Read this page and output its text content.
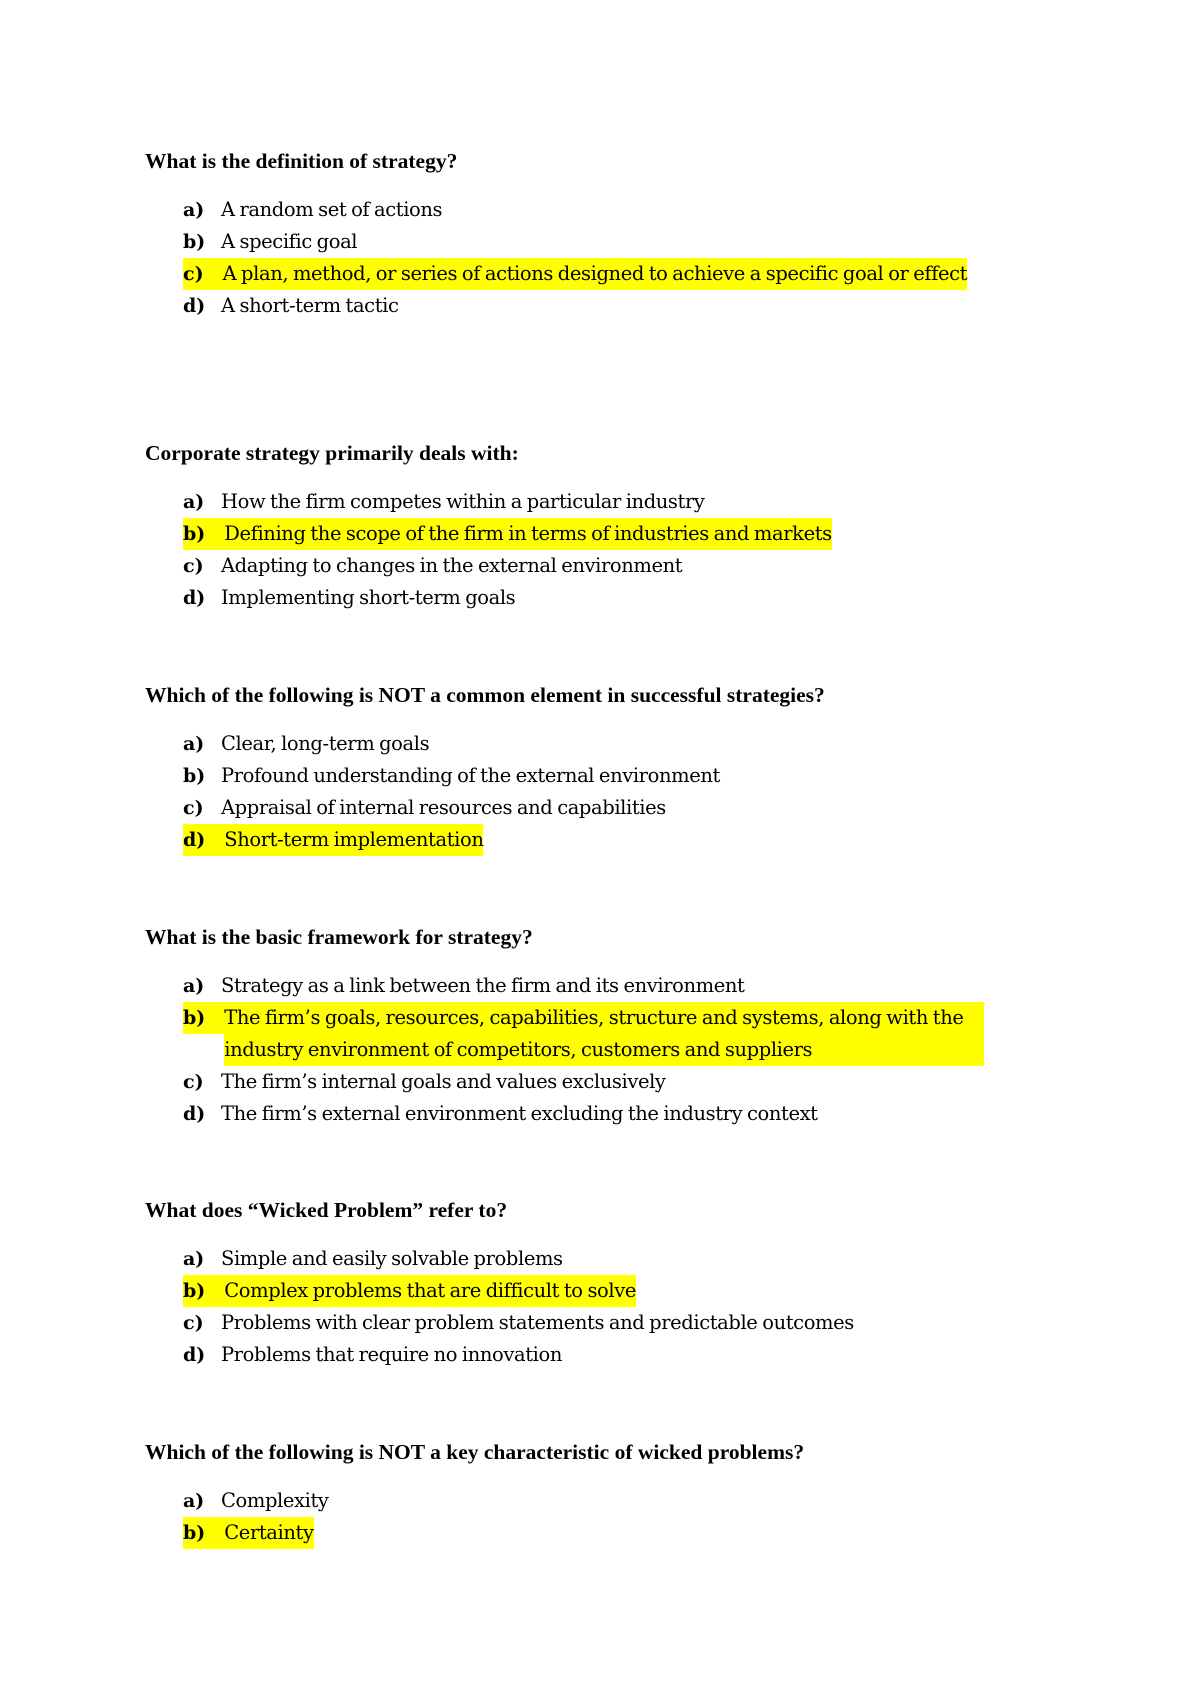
What is the definition of strategy?

a) A random set of actions
b) A specific goal
c) A plan, method, or series of actions designed to achieve a specific goal or effect
d) A short-term tactic

Corporate strategy primarily deals with:

a) How the firm competes within a particular industry
b) Defining the scope of the firm in terms of industries and markets
c) Adapting to changes in the external environment
d) Implementing short-term goals

Which of the following is NOT a common element in successful strategies?

a) Clear, long-term goals
b) Profound understanding of the external environment
c) Appraisal of internal resources and capabilities
d) Short-term implementation

What is the basic framework for strategy?

a) Strategy as a link between the firm and its environment
b) The firm’s goals, resources, capabilities, structure and systems, along with the industry environment of competitors, customers and suppliers
c) The firm’s internal goals and values exclusively
d) The firm’s external environment excluding the industry context

What does “Wicked Problem” refer to?

a) Simple and easily solvable problems
b) Complex problems that are difficult to solve
c) Problems with clear problem statements and predictable outcomes
d) Problems that require no innovation

Which of the following is NOT a key characteristic of wicked problems?

a) Complexity
b) Certainty
